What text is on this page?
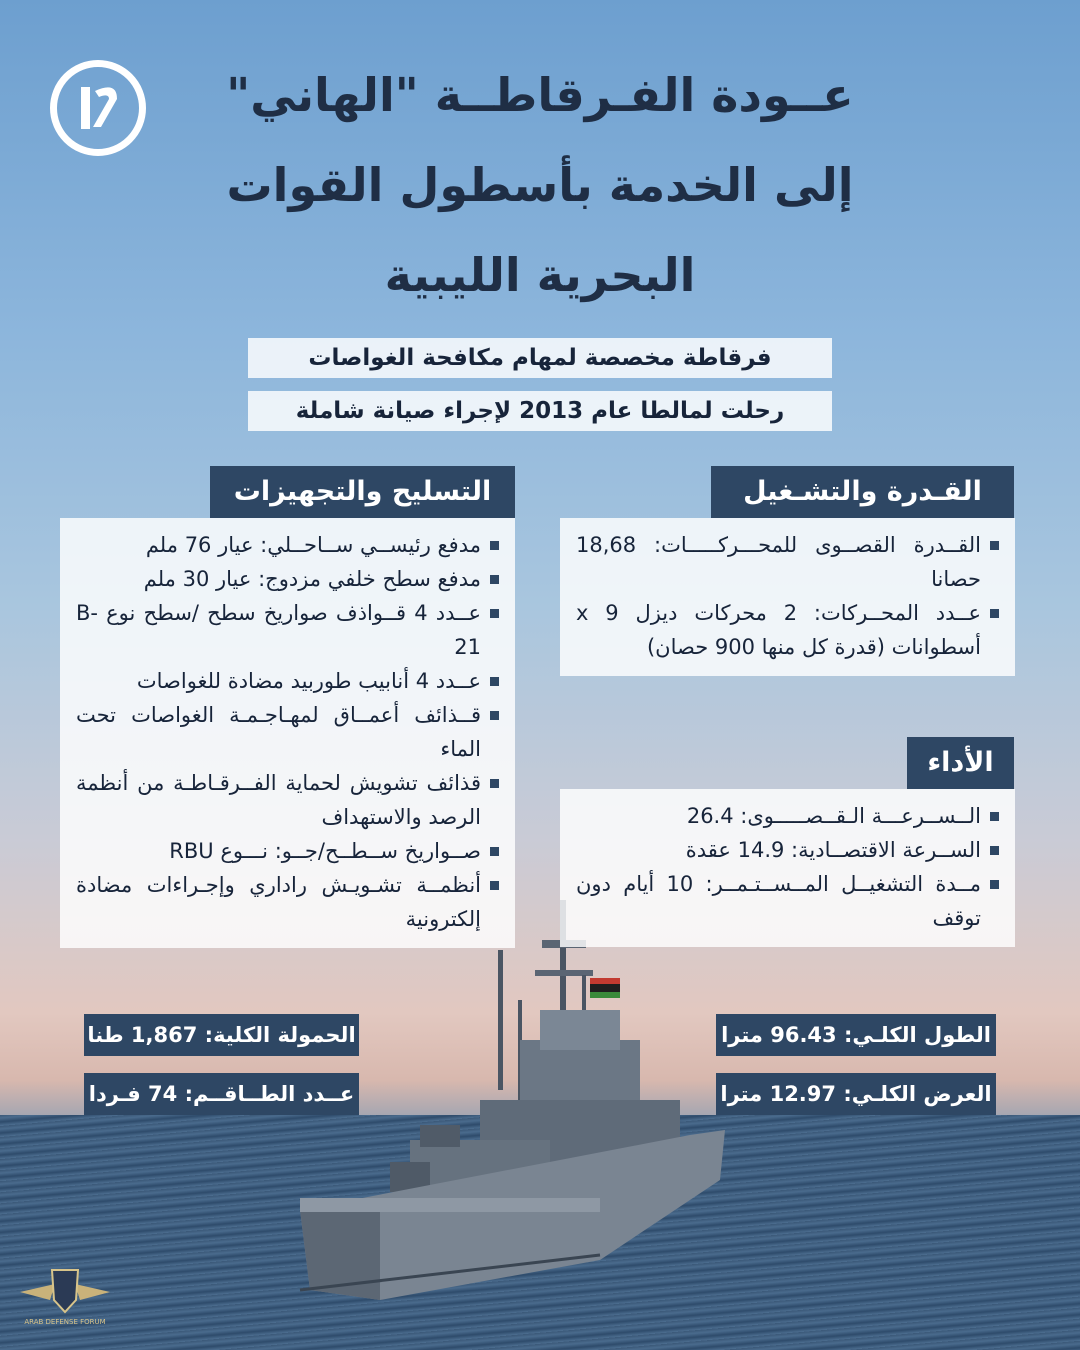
عــودة الفـرقاطــة "الهاني"
إلى الخدمة بأسطول القوات
البحرية الليبية
فرقاطة مخصصة لمهام مكافحة الغواصات
رحلت لمالطا عام 2013 لإجراء صيانة شاملة
القـدرة والتشـغيل
القــدرة القصــوى للمحـــركـــــات: 18,68 حصانا
عــدد المحــركات: 2 محركات ديزل 9 x أسطوانات (قدرة كل منها 900 حصان)
الأداء
الــســرعـــة الـقــصـــــوى: 26.4
الســرعة الاقتصــادية: 14.9 عقدة
مــدة التشغيــل المــســتـمــر: 10 أيام دون توقف
التسليح والتجهيزات
مدفع رئيســي ســاحــلي: عيار 76 ملم
مدفع سطح خلفي مزدوج: عيار 30 ملم
عــدد 4 قــواذف صواريخ سطح /سطح نوع B-21
عــدد 4 أنابيب طوربيد مضادة للغواصات
قــذائف أعمــاق لمهـاجـمـة الغواصات تحت الماء
قذائف تشويش لحماية الفــرقـاطـة من أنظمة الرصد والاستهداف
صــواريخ ســطــح/جــو: نـــوع RBU
أنظمــة تشـويـش راداري وإجـراءات مضادة إلكترونية
الطول الكلـي: 96.43 مترا
العرض الكلـي: 12.97 مترا
الحمولة الكلية: 1,867 طنا
عــدد الطــاقــم: 74 فـردا
ARAB DEFENSE FORUM
